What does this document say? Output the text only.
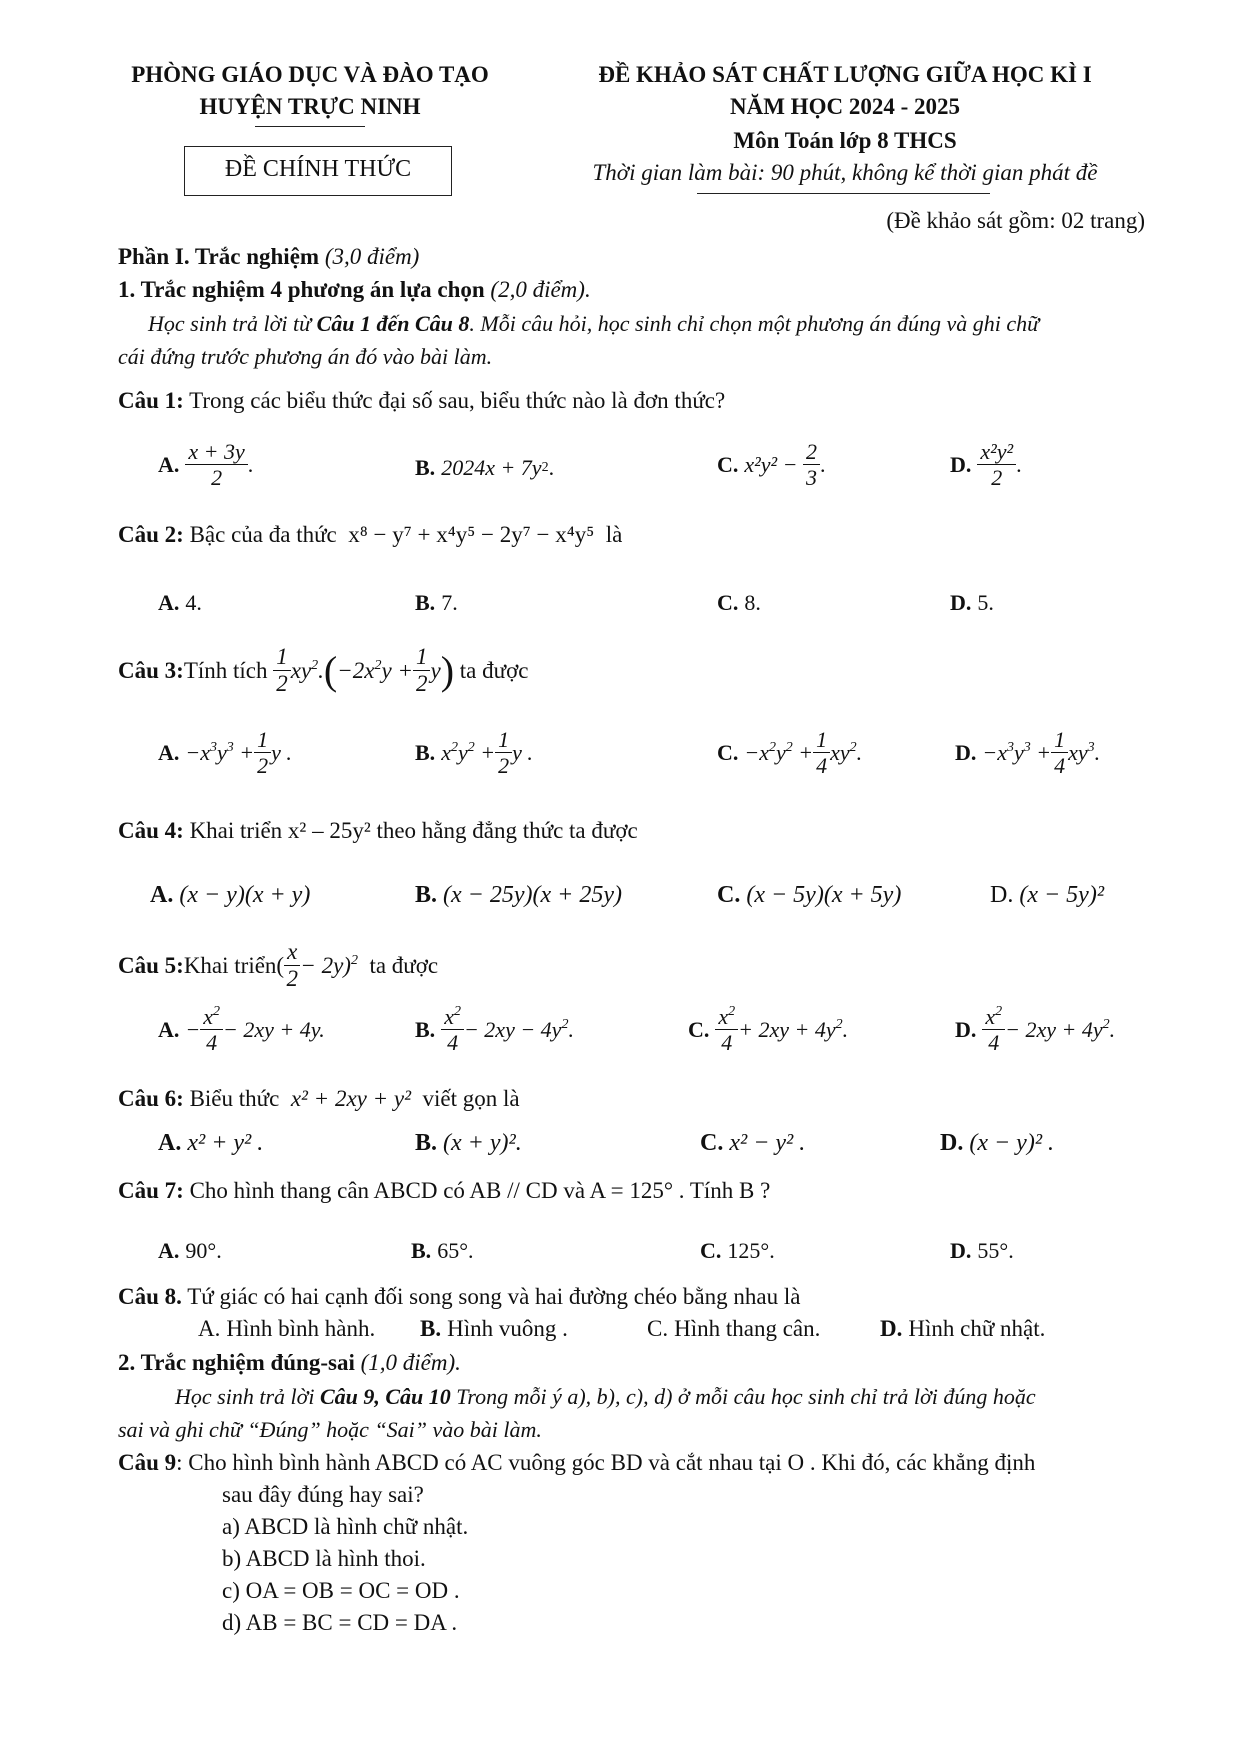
PHÒNG GIÁO DỤC VÀ ĐÀO TẠO
HUYỆN TRỰC NINH
ĐỀ CHÍNH THỨC
ĐỀ KHẢO SÁT CHẤT LƯỢNG GIỮA HỌC KÌ I
NĂM HỌC 2024 - 2025
Môn Toán lớp 8 THCS
Thời gian làm bài: 90 phút, không kể thời gian phát đề
(Đề khảo sát gồm: 02 trang)
Phần I. Trắc nghiệm (3,0 điểm)
1. Trắc nghiệm 4 phương án lựa chọn (2,0 điểm).
Học sinh trả lời từ Câu 1 đến Câu 8. Mỗi câu hỏi, học sinh chỉ chọn một phương án đúng và ghi chữ
cái đứng trước phương án đó vào bài làm.
Câu 1: Trong các biểu thức đại số sau, biểu thức nào là đơn thức?
A. $\frac{x + 3y}{2}$ .	B. 2024x + 7y 2 .	C. x²y² −
$\frac{2}{3}$ .	D. $\frac{\text{x²y²}}{2}$ .
Câu 2: Bậc của đa thức x⁸ − y⁷ + x⁴y⁵ − 2y⁷ − x⁴y⁵ là
A. 4.	B. 7.	C. 8.	D. 5.
Câu 3: Tính tích
$\frac{1}{2} xy^2$. ( $-2x^2y + \frac{1}{2}$ y )
ta được
A. $-x^3y^3 + \frac{1}{2}$ y .	B. $x^2y^2 + \frac{1}{2}$ y .	C. $-x^2y^2 + \frac{1}{4} xy^2$.	D. $-x^3y^3 + \frac{1}{4} xy^3$.
Câu 4: Khai triển x² – 25y² theo hằng đẳng thức ta được
A. (x − y)(x + y)	B. (x − 25y)(x + 25y)	C. (x − 5y)(x + 5y)	D. (x − 5y)²
Câu 5: Khai triển ( $\frac{x}{2} - 2y)^2$
ta được
A. − $\frac{x^2}{4} - 2xy + 4y$.	B. $\frac{x^2}{4} - 2xy - 4y^2$.	C. $\frac{x^2}{4} + 2xy + 4y^2$.	D. $\frac{x^2}{4} - 2xy + 4y^2$.
Câu 6: Biểu thức x² + 2xy + y² viết gọn là
A. x² + y² .	B. (x + y)².	C. x² − y² .	D. (x − y)² .
Câu 7: Cho hình thang cân ABCD có AB // CD và A = 125° . Tính B ?
A. 90°.	B. 65°.	C. 125°.	D. 55°.
Câu 8. Tứ giác có hai cạnh đối song song và hai đường chéo bằng nhau là
A. Hình bình hành. B. Hình vuông .	C. Hình thang cân.	D. Hình chữ nhật.
2. Trắc nghiệm đúng-sai (1,0 điểm).
Học sinh trả lời Câu 9, Câu 10 Trong mỗi ý a), b), c), d) ở mỗi câu học sinh chỉ trả lời đúng hoặc
sai và ghi chữ “Đúng” hoặc “Sai” vào bài làm.
Câu 9: Cho hình bình hành ABCD có AC vuông góc BD và cắt nhau tại O . Khi đó, các khẳng định
sau đây đúng hay sai?
a) ABCD là hình chữ nhật.
b) ABCD là hình thoi.
c) OA = OB = OC = OD .
d) AB = BC = CD = DA .
